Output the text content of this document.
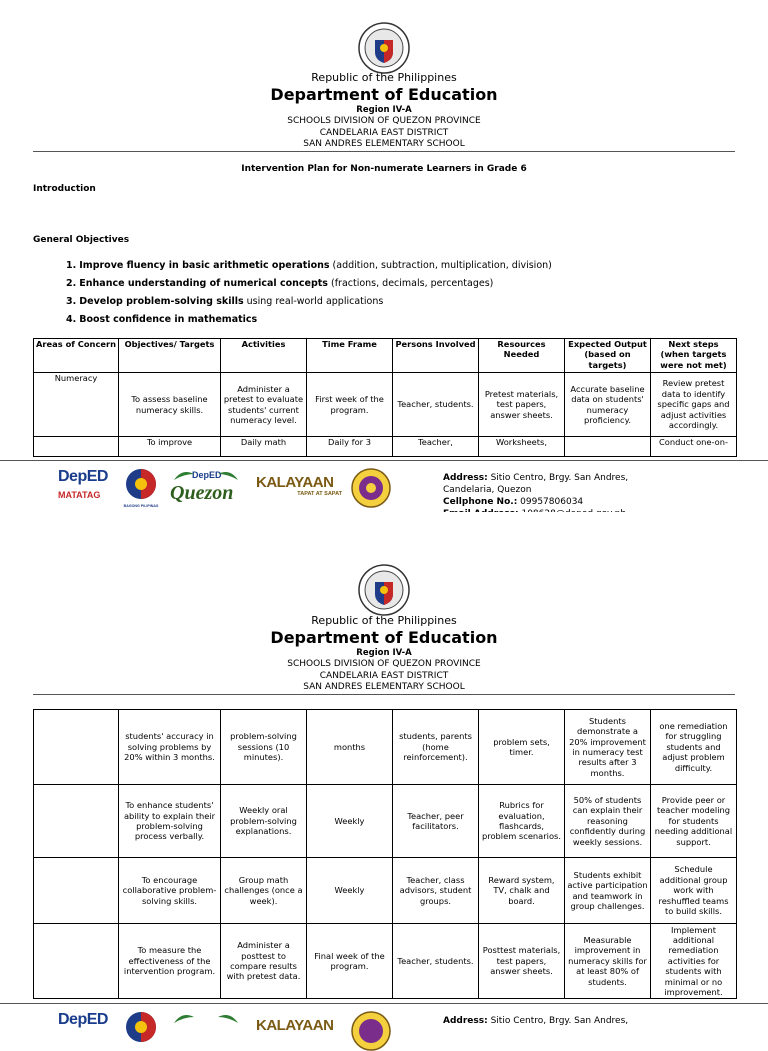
Republic of the Philippines
Department of Education
Region IV-A
SCHOOLS DIVISION OF QUEZON PROVINCE
CANDELARIA EAST DISTRICT
SAN ANDRES ELEMENTARY SCHOOL
Intervention Plan for Non-numerate Learners in Grade 6
Introduction
General Objectives
1. Improve fluency in basic arithmetic operations (addition, subtraction, multiplication, division)
2. Enhance understanding of numerical concepts (fractions, decimals, percentages)
3. Develop problem-solving skills using real-world applications
4. Boost confidence in mathematics
Areas of Concern	Objectives/ Targets	Activities	Time Frame	Persons Involved	Resources Needed	Expected Output (based on targets)	Next steps (when targets were not met)
Numeracy	To assess baseline numeracy skills.	Administer a pretest to evaluate students' current numeracy level.	First week of the program.	Teacher, students.	Pretest materials, test papers, answer sheets.	Accurate baseline data on students' numeracy proficiency.	Review pretest data to identify specific gaps and adjust activities accordingly.
	To improve	Daily math	Daily for 3	Teacher,	Worksheets,		Conduct one-on-
DepED
MATATAG
BAGONG PILIPINAS
DepED
Quezon KALAYAAN
TAPAT AT SAPAT
Address: Sitio Centro, Brgy. San Andres,
Candelaria, Quezon
Cellphone No.: 09957806034
Republic of the Philippines
Department of Education
Region IV-A
SCHOOLS DIVISION OF QUEZON PROVINCE
CANDELARIA EAST DISTRICT
SAN ANDRES ELEMENTARY SCHOOL
	students' accuracy in solving problems by 20% within 3 months.	problem-solving sessions (10 minutes).	months	students, parents (home reinforcement).	problem sets, timer.	Students demonstrate a 20% improvement in numeracy test results after 3 months.	one remediation for struggling students and adjust problem difficulty.
	To enhance students' ability to explain their problem-solving process verbally.	Weekly oral problem-solving explanations.	Weekly	Teacher, peer facilitators.	Rubrics for evaluation, flashcards, problem scenarios.	50% of students can explain their reasoning confidently during weekly sessions.	Provide peer or teacher modeling for students needing additional support.
	To encourage collaborative problem-solving skills.	Group math challenges (once a week).	Weekly	Teacher, class advisors, student groups.	Reward system, TV, chalk and board.	Students exhibit active participation and teamwork in group challenges.	Schedule additional group work with reshuffled teams to build skills.
	To measure the effectiveness of the intervention program.	Administer a posttest to compare results with pretest data.	Final week of the program.	Teacher, students.	Posttest materials, test papers, answer sheets.	Measurable improvement in numeracy skills for at least 80% of students.	Implement additional remediation activities for students with minimal or no improvement.
DepED	KALAYAAN	Address: Sitio Centro, Brgy. San Andres,
